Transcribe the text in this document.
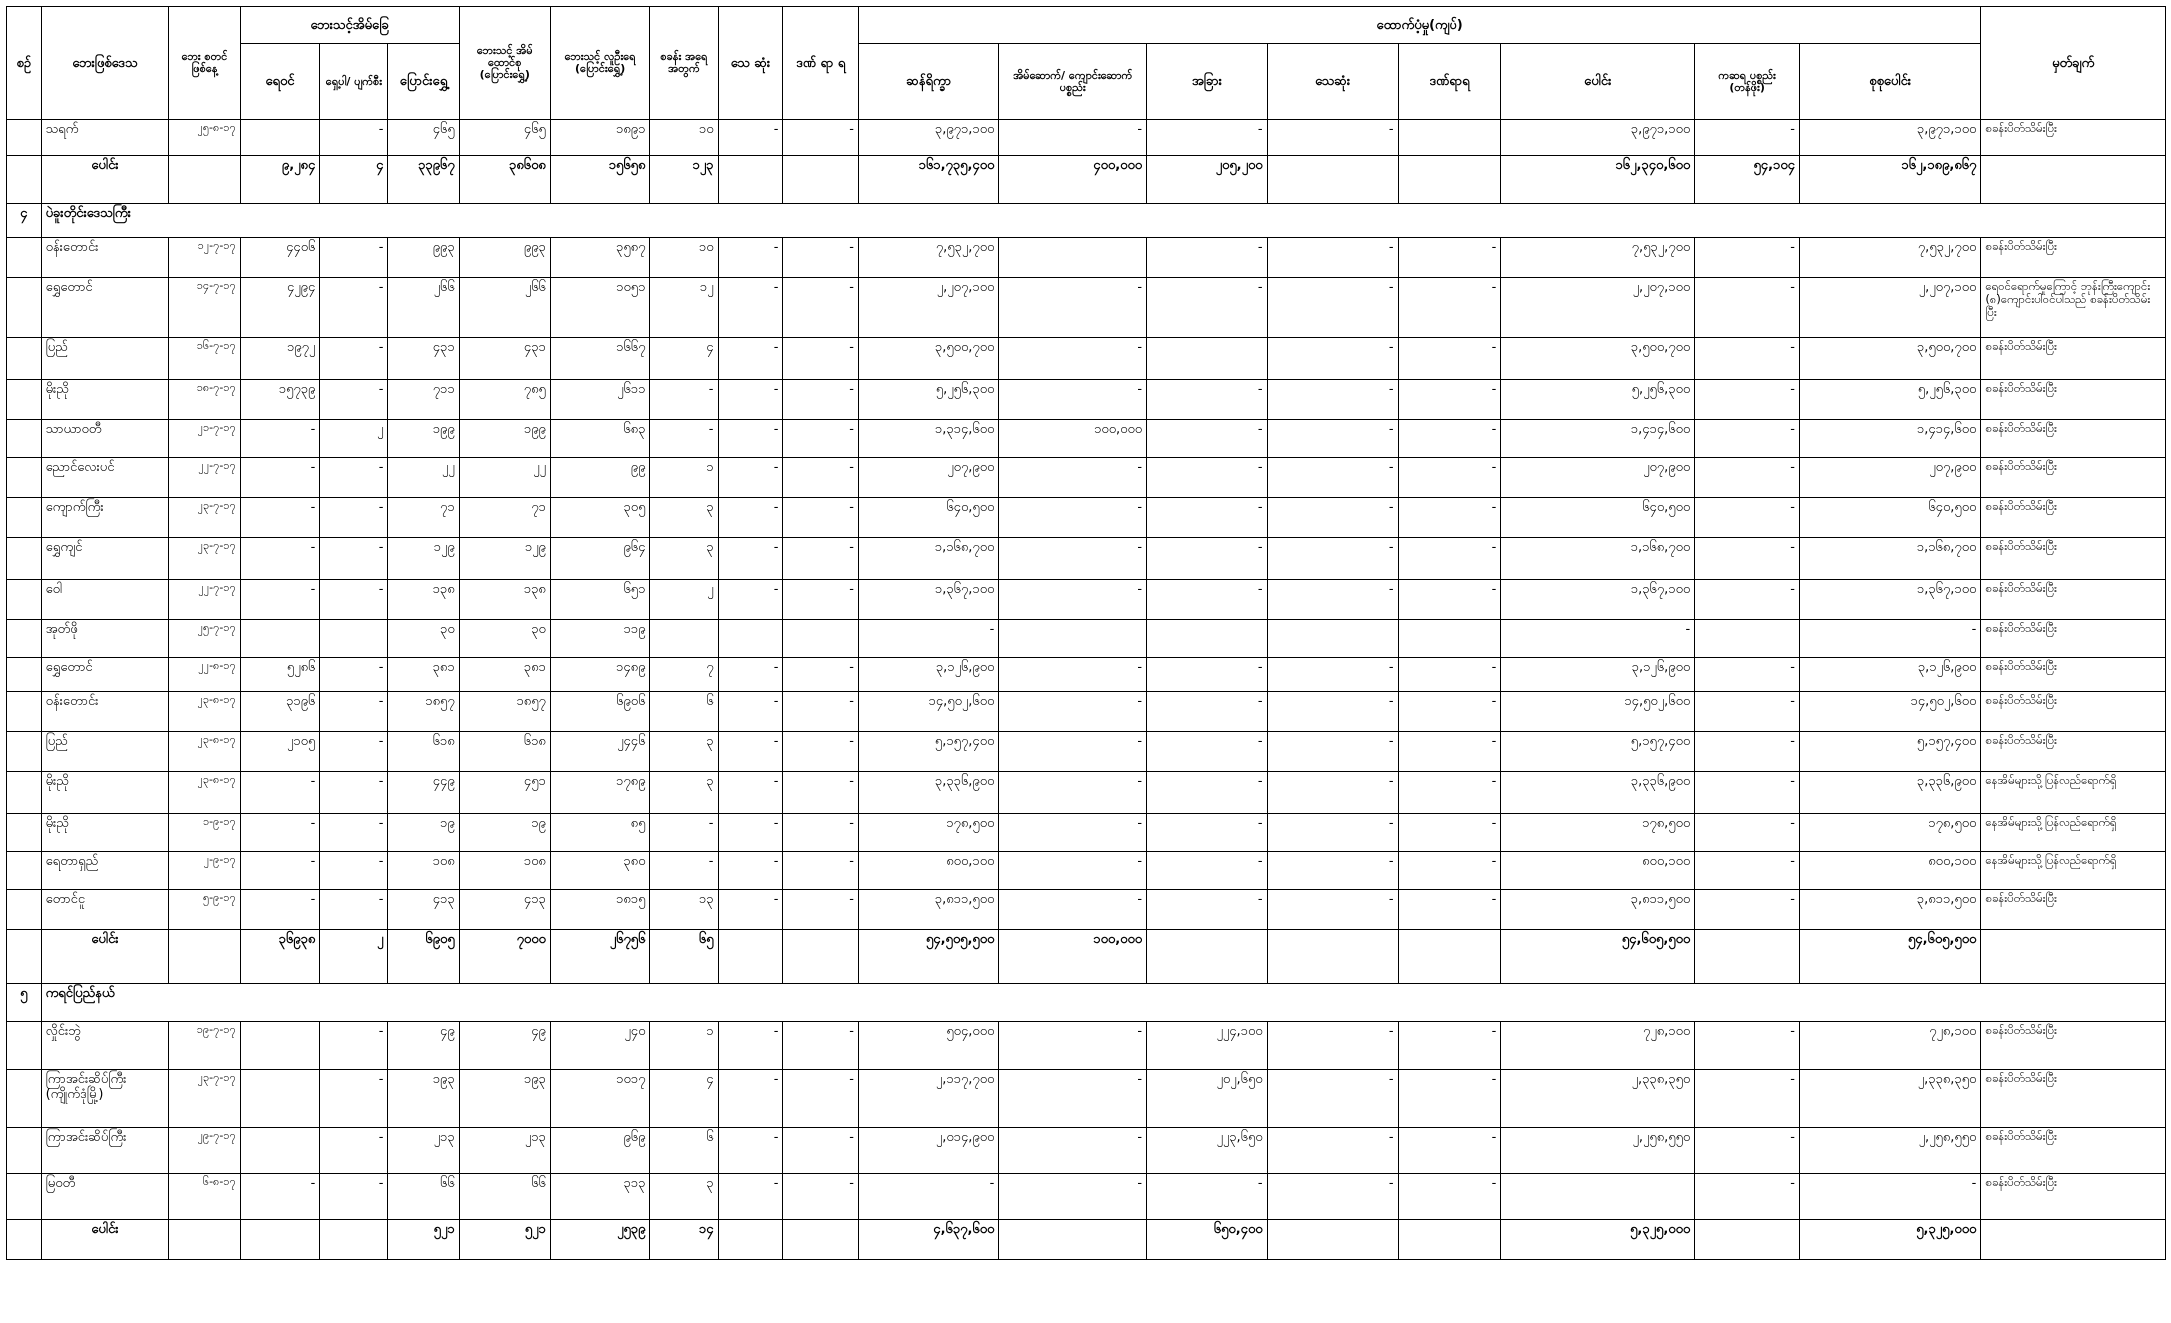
စဉ်	ဘေးဖြစ်ဒေသ	ဘေး စတင် ဖြစ်နေ့	ဘေးသင့်အိမ်ခြေ			ဘေးသင့် အိမ် ထောင်စု (ပြောင်းရွှေ့)	ဘေးသင့် လူဦးရေ (ပြောင်းရွှေ့)	စခန်း အရေ အတွက်	သေ ဆုံး	ဒဏ် ရာ ရ	ထောက်ပံ့မှု(ကျပ်)								မှတ်ချက်
			ရေဝင်	ရှေ့ပါ/ ပျက်စီး	ပြောင်းရွှေ့						ဆန်ရိက္ခာ	အိမ်ဆောက်/ ကျောင်းဆောက် ပစ္စည်း	အခြား	သေဆုံး	ဒဏ်ရာရ	ပေါင်း	ကဆရ ပစ္စည်း (တန်ဖိုး)	စုစုပေါင်း	
	သရက်	၂၅-၈-၁၇		-	၄၆၅	၄၆၅	၁၈၉၁	၁၀	-	-	၃,၉၇၁,၁၀၀	-	-	-		၃,၉၇၁,၁၀၀	-	၃,၉၇၁,၁၀၀	စခန်းပိတ်သိမ်းပြီး
	ပေါင်း		၉,၂၈၄	၄	၃၃၉၆၇	၃၈၆၀၈	၁၅၆၅၈	၁၂၃			၁၆၁,၇၃၅,၄၀၀	၄၀၀,၀၀၀	၂၀၅,၂၀၀			၁၆၂,၃၄၀,၆၀၀	၅၄,၁၀၄	၁၆၂,၁၈၉,၈၆၇	
၄	ပဲခူးတိုင်းဒေသကြီး																		
	ဝန်းတောင်း	၁၂-၇-၁၇	၄၄၀၆	-	၉၉၃	၉၉၃	၃၅၈၇	၁၀	-	-	၇,၅၃၂,၇၀၀		-	-	-	၇,၅၃၂,၇၀၀	-	၇,၅၃၂,၇၀၀	စခန်းပိတ်သိမ်းပြီး
	ရွှေတောင်	၁၄-၇-၁၇	၄၂၉၄	-	၂၆၆	၂၆၆	၁၀၅၁	၁၂	-	-	၂,၂၀၇,၁၀၀	-	-	-	-	၂,၂၀၇,၁၀၀	-	၂,၂၀၇,၁၀၀	ရေဝင်ရောက်မှုကြောင့် ဘုန်းကြီးကျောင်း (၈)ကျောင်းပါဝင်ပါသည် စခန်းပိတ်သိမ်းပြီး
	ပြည်	၁၆-၇-၁၇	၁၉၇၂	-	၄၃၁	၄၃၁	၁၆၆၇	၄	-	-	၃,၅၀၀,၇၀၀	-		-	-	၃,၅၀၀,၇၀၀	-	၃,၅၀၀,၇၀၀	စခန်းပိတ်သိမ်းပြီး
	မိုးညို	၁၈-၇-၁၇	၁၅၇၃၉	-	၇၁၁	၇၈၅	၂၆၁၁	-	-	-	၅,၂၅၆,၃၀၀	-	-	-	-	၅,၂၅၆,၃၀၀	-	၅,၂၅၆,၃၀၀	စခန်းပိတ်သိမ်းပြီး
	သာယာဝတီ	၂၁-၇-၁၇	-	၂	၁၉၉	၁၉၉	၆၈၃	-	-	-	၁,၃၁၄,၆၀၀	၁၀၀,၀၀၀	-	-	-	၁,၄၁၄,၆၀၀	-	၁,၄၁၄,၆၀၀	စခန်းပိတ်သိမ်းပြီး
	ညောင်လေးပင်	၂၂-၇-၁၇	-	-	၂၂	၂၂	၉၉	၁	-	-	၂၀၇,၉၀၀	-	-	-	-	၂၀၇,၉၀၀	-	၂၀၇,၉၀၀	စခန်းပိတ်သိမ်းပြီး
	ကျောက်ကြီး	၂၃-၇-၁၇	-	-	၇၁	၇၁	၃၀၅	၃	-	-	၆၄၀,၅၀၀	-	-	-	-	၆၄၀,၅၀၀	-	၆၄၀,၅၀၀	စခန်းပိတ်သိမ်းပြီး
	ရွှေကျင်	၂၃-၇-၁၇	-	-	၁၂၉	၁၂၉	၉၆၄	၃	-	-	၁,၁၆၈,၇၀၀	-	-	-	-	၁,၁၆၈,၇၀၀	-	၁,၁၆၈,၇၀၀	စခန်းပိတ်သိမ်းပြီး
	ဝေါ	၂၂-၇-၁၇	-	-	၁၃၈	၁၃၈	၆၅၁	၂	-	-	၁,၃၆၇,၁၀၀	-	-	-	-	၁,၃၆၇,၁၀၀	-	၁,၃၆၇,၁၀၀	စခန်းပိတ်သိမ်းပြီး
	အုတ်ဖို	၂၅-၇-၁၇			၃၀	၃၀	၁၁၉				-					-		-	စခန်းပိတ်သိမ်းပြီး
	ရွှေတောင်	၂၂-၈-၁၇	၅၂၈၆	-	၃၈၁	၃၈၁	၁၄၈၉	၇	-	-	၃,၁၂၆,၉၀၀	-	-	-	-	၃,၁၂၆,၉၀၀	-	၃,၁၂၆,၉၀၀	စခန်းပိတ်သိမ်းပြီး
	ဝန်းတောင်း	၂၃-၈-၁၇	၃၁၉၆	-	၁၈၅၇	၁၈၅၇	၆၉၀၆	၆	-	-	၁၄,၅၀၂,၆၀၀	-	-	-	-	၁၄,၅၀၂,၆၀၀	-	၁၄,၅၀၂,၆၀၀	စခန်းပိတ်သိမ်းပြီး
	ပြည်	၂၃-၈-၁၇	၂၁၀၅	-	၆၁၈	၆၁၈	၂၄၄၆	၃	-	-	၅,၁၅၇,၄၀၀	-	-	-	-	၅,၁၅၇,၄၀၀	-	၅,၁၅၇,၄၀၀	စခန်းပိတ်သိမ်းပြီး
	မိုးညို	၂၃-၈-၁၇	-	-	၄၄၉	၄၅၁	၁၇၈၉	၃	-	-	၃,၃၃၆,၉၀၀	-	-	-	-	၃,၃၃၆,၉၀၀	-	၃,၃၃၆,၉၀၀	နေအိမ်များသို့ပြန်လည်ရောက်ရှိ
	မိုးညို	၁-၉-၁၇	-	-	၁၉	၁၉	၈၅	-	-	-	၁၇၈,၅၀၀	-	-	-	-	၁၇၈,၅၀၀	-	၁၇၈,၅၀၀	နေအိမ်များသို့ပြန်လည်ရောက်ရှိ
	ရေတာရှည်	၂-၉-၁၇	-	-	၁၀၈	၁၀၈	၃၈၀	-	-	-	၈၀၀,၁၀၀	-	-	-	-	၈၀၀,၁၀၀	-	၈၀၀,၁၀၀	နေအိမ်များသို့ပြန်လည်ရောက်ရှိ
	တောင်ငူ	၅-၉-၁၇	-	-	၄၁၃	၄၁၃	၁၈၁၅	၁၃	-	-	၃,၈၁၁,၅၀၀	-	-	-	-	၃,၈၁၁,၅၀၀	-	၃,၈၁၁,၅၀၀	စခန်းပိတ်သိမ်းပြီး
	ပေါင်း		၃၆၉၃၈	၂	၆၉၀၅	၇၀၀၀	၂၆၇၅၆	၆၅			၅၄,၅၀၅,၅၀၀	၁၀၀,၀၀၀				၅၄,၆၀၅,၅၀၀		၅၄,၆၀၅,၅၀၀	
၅	ကရင်ပြည်နယ်																		
	လှိုင်းဘွဲ	၁၉-၇-၁၇		-	၄၉	၄၉	၂၄၀	၁	-	-	၅၀၄,၀၀၀	-	၂၂၄,၁၀၀	-	-	၇၂၈,၁၀၀	-	၇၂၈,၁၀၀	စခန်းပိတ်သိမ်းပြီး
	ကြာအင်းဆိပ်ကြီး (ကျိုက်ဒုံမြို့)	၂၃-၇-၁၇		-	၁၉၃	၁၉၃	၁၀၁၇	၄	-	-	၂,၁၁၇,၇၀၀	-	၂၀၂,၆၅၀	-	-	၂,၃၃၈,၃၅၀	-	၂,၃၃၈,၃၅၀	စခန်းပိတ်သိမ်းပြီး
	ကြာအင်းဆိပ်ကြီး	၂၉-၇-၁၇		-	၂၁၃	၂၁၃	၉၆၉	၆	-	-	၂,၀၁၄,၉၀၀	-	၂၂၃,၆၅၀	-	-	၂,၂၅၈,၅၅၀	-	၂,၂၅၈,၅၅၀	စခန်းပိတ်သိမ်းပြီး
	မြဝတီ	၆-၈-၁၇	-	-	၆၆	၆၆	၃၁၃	၃	-	-	-	-	-	-	-		-	-	စခန်းပိတ်သိမ်းပြီး
	ပေါင်း				၅၂၁	၅၂၁	၂၅၃၉	၁၄			၄,၆၃၇,၆၀၀		၆၅၀,၄၀၀			၅,၃၂၅,၀၀၀		၅,၃၂၅,၀၀၀	
